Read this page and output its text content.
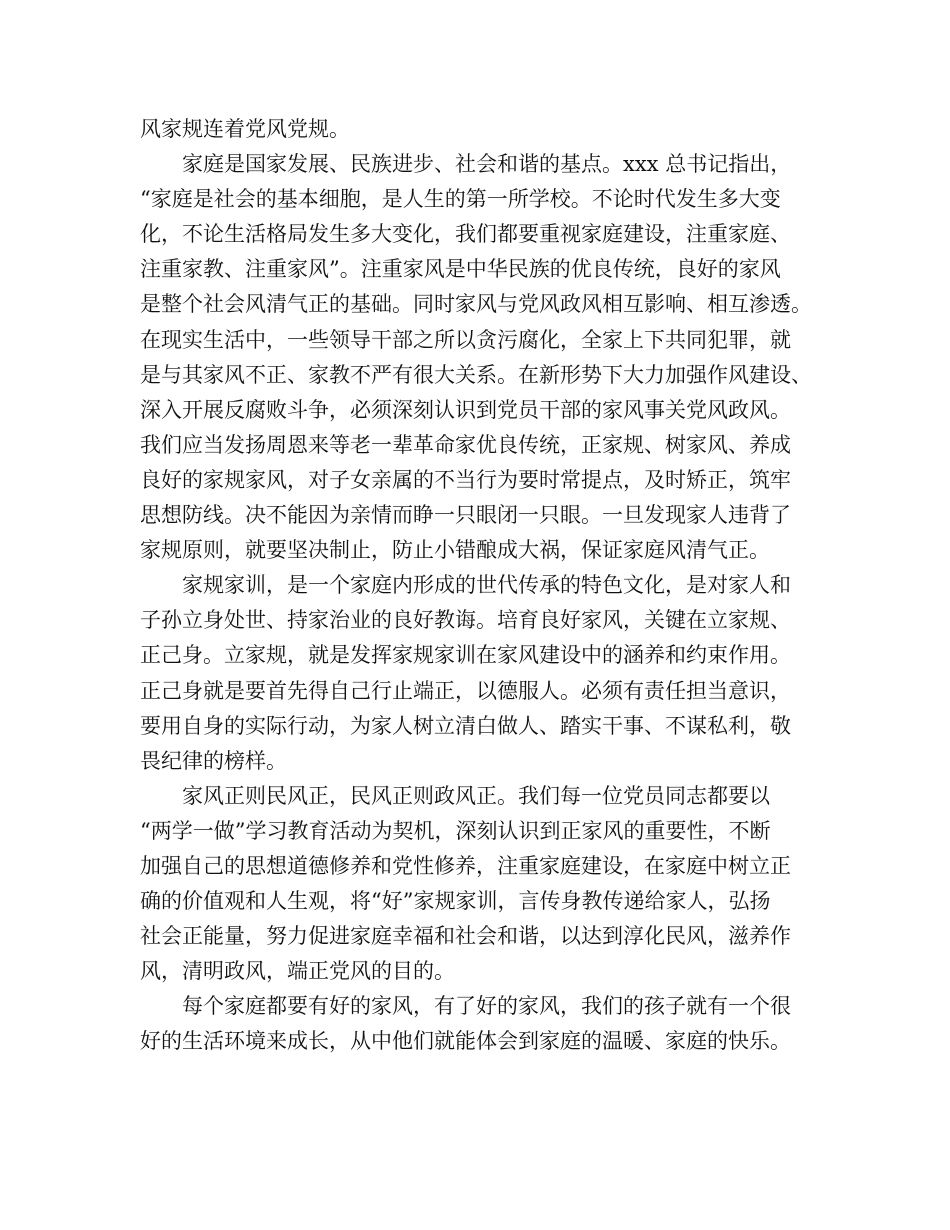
风家规连着党风党规。
家庭是国家发展、民族进步、社会和谐的基点。xxx 总书记指出，
“家庭是社会的基本细胞，是人生的第一所学校。不论时代发生多大变
化，不论生活格局发生多大变化，我们都要重视家庭建设，注重家庭、
注重家教、注重家风”。注重家风是中华民族的优良传统，良好的家风
是整个社会风清气正的基础。同时家风与党风政风相互影响、相互渗透。
在现实生活中，一些领导干部之所以贪污腐化，全家上下共同犯罪，就
是与其家风不正、家教不严有很大关系。在新形势下大力加强作风建设、
深入开展反腐败斗争，必须深刻认识到党员干部的家风事关党风政风。
我们应当发扬周恩来等老一辈革命家优良传统，正家规、树家风、养成
良好的家规家风，对子女亲属的不当行为要时常提点，及时矫正，筑牢
思想防线。决不能因为亲情而睁一只眼闭一只眼。一旦发现家人违背了
家规原则，就要坚决制止，防止小错酿成大祸，保证家庭风清气正。
家规家训，是一个家庭内形成的世代传承的特色文化，是对家人和
子孙立身处世、持家治业的良好教诲。培育良好家风，关键在立家规、
正己身。立家规，就是发挥家规家训在家风建设中的涵养和约束作用。
正己身就是要首先得自己行止端正，以德服人。必须有责任担当意识，
要用自身的实际行动，为家人树立清白做人、踏实干事、不谋私利，敬
畏纪律的榜样。
家风正则民风正，民风正则政风正。我们每一位党员同志都要以
“两学一做”学习教育活动为契机，深刻认识到正家风的重要性，不断
加强自己的思想道德修养和党性修养，注重家庭建设，在家庭中树立正
确的价值观和人生观，将“好”家规家训，言传身教传递给家人，弘扬
社会正能量，努力促进家庭幸福和社会和谐，以达到淳化民风，滋养作
风，清明政风，端正党风的目的。
每个家庭都要有好的家风，有了好的家风，我们的孩子就有一个很
好的生活环境来成长，从中他们就能体会到家庭的温暖、家庭的快乐。
